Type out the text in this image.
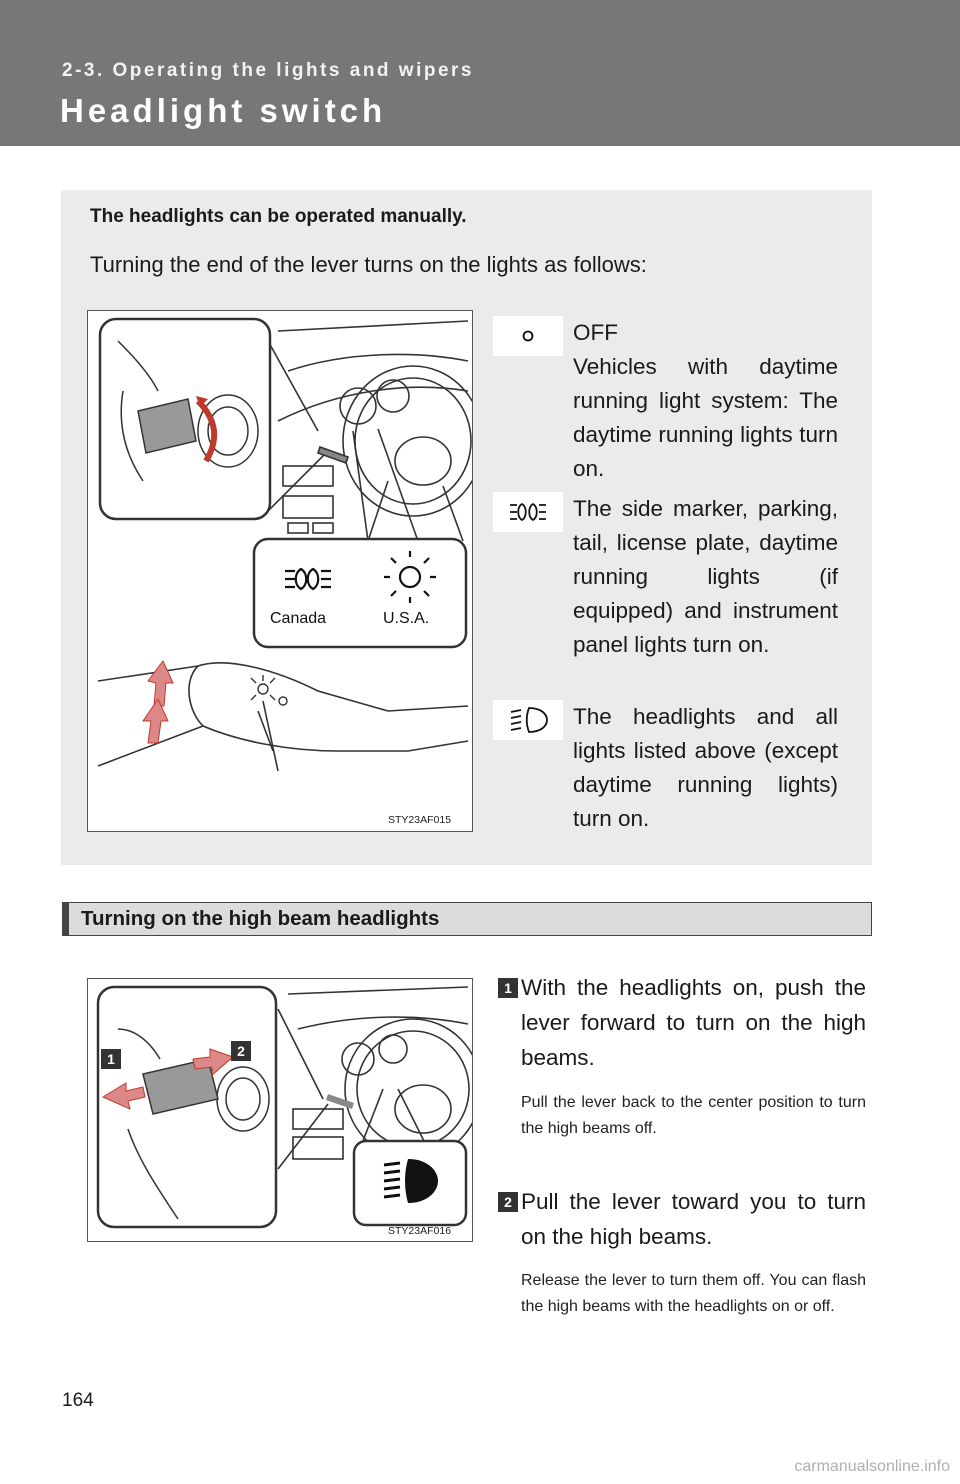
2-3. Operating the lights and wipers
Headlight switch
The headlights can be operated manually.
Turning the end of the lever turns on the lights as follows:
Canada	U.S.A.
STY23AF015
OFF
Vehicles with daytime running light system: The daytime running lights turn on.
The side marker, parking, tail, license plate, daytime running lights (if equipped) and instrument panel lights turn on.
The headlights and all lights listed above (except daytime running lights) turn on.
Turning on the high beam headlights
1	2
STY23AF016
1 With the headlights on, push the lever forward to turn on the high beams.
Pull the lever back to the center position to turn the high beams off.
2 Pull the lever toward you to turn on the high beams.
Release the lever to turn them off. You can flash the high beams with the headlights on or off.
164
carmanualsonline.info
